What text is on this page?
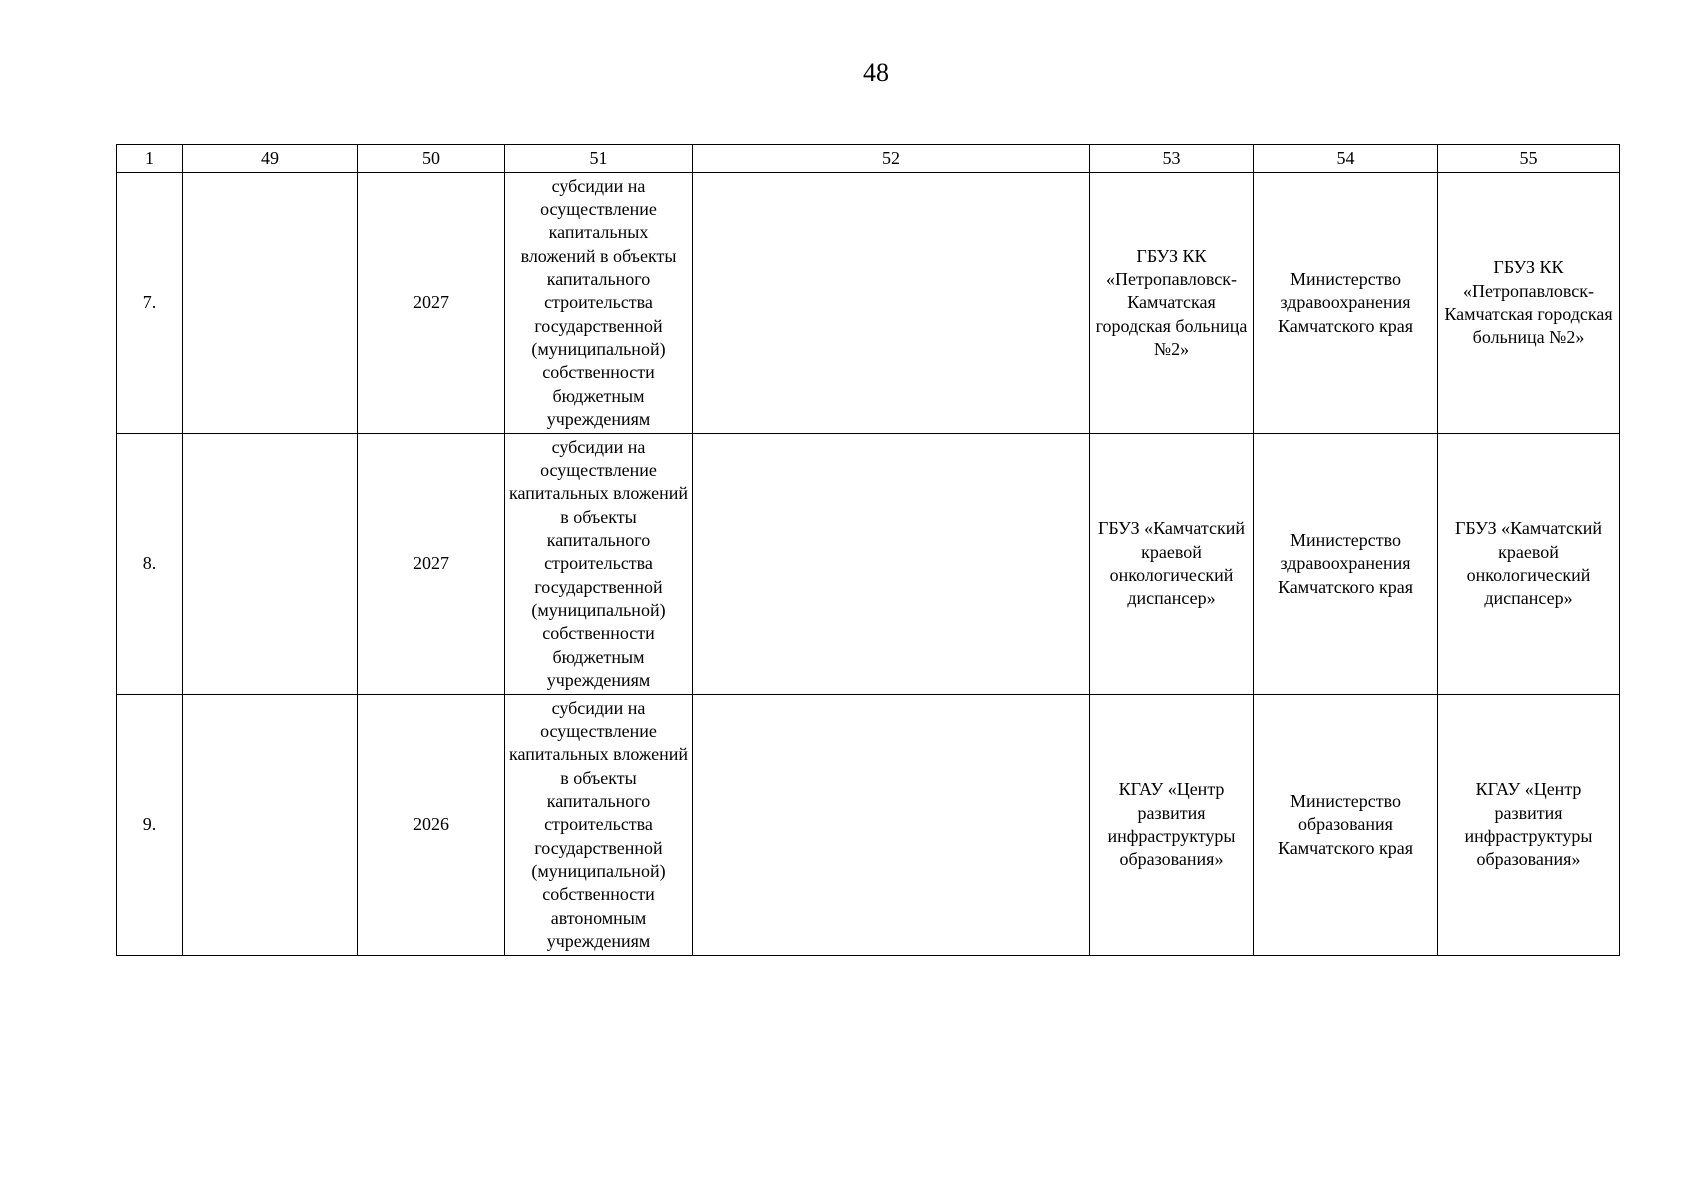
48
1	49	50	51	52	53	54	55
7.		2027	субсидии на осуществление капитальных вложений в объекты капитального строительства государственной (муниципальной) собственности бюджетным учреждениям		ГБУЗ КК «Петропавловск-Камчатская городская больница №2»	Министерство здравоохранения Камчатского края	ГБУЗ КК «Петропавловск-Камчатская городская больница №2»

8.		2027	субсидии на осуществление капитальных вложений в объекты капитального строительства государственной (муниципальной) собственности бюджетным учреждениям		ГБУЗ «Камчатский краевой онкологический диспансер»	Министерство здравоохранения Камчатского края	ГБУЗ «Камчатский краевой онкологический диспансер»

9.		2026	субсидии на осуществление капитальных вложений в объекты капитального строительства государственной (муниципальной) собственности автономным учреждениям		КГАУ «Центр развития инфраструктуры образования»	Министерство образования Камчатского края	КГАУ «Центр развития инфраструктуры образования»
